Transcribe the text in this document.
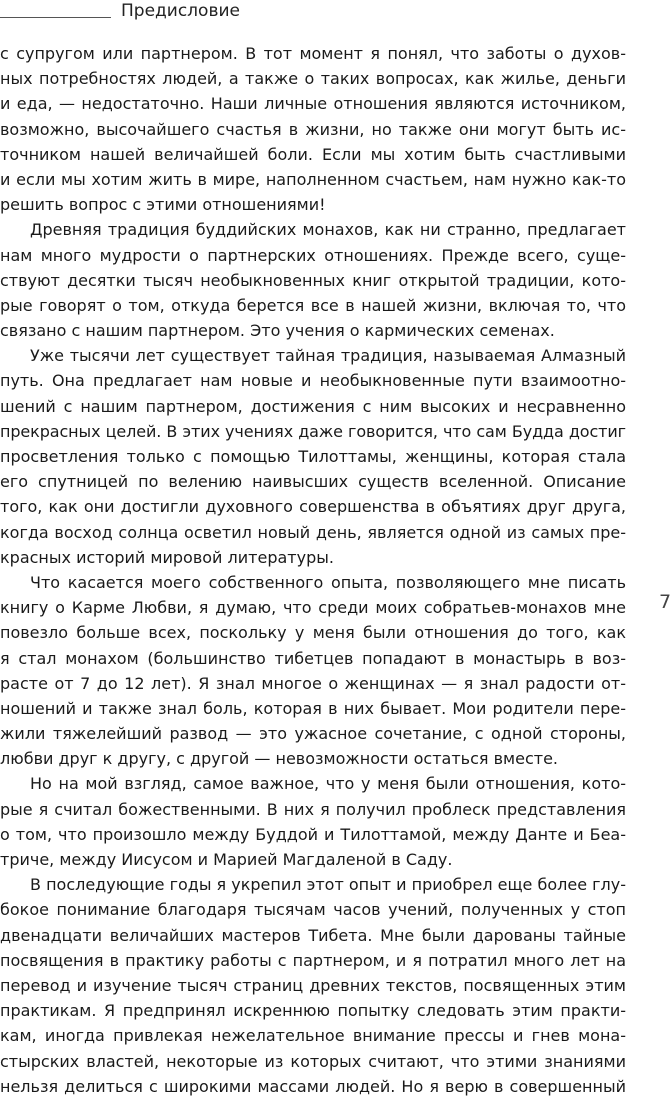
Предисловие
7
с супругом или партнером. В тот момент я понял, что заботы о духов-
ных потребностях людей, а также о таких вопросах, как жилье, деньги
и еда, — недостаточно. Наши личные отношения являются источником,
возможно, высочайшего счастья в жизни, но также они могут быть ис-
точником нашей величайшей боли. Если мы хотим быть счастливыми
и если мы хотим жить в мире, наполненном счастьем, нам нужно как-то
решить вопрос с этими отношениями!
Древняя традиция буддийских монахов, как ни странно, предлагает
нам много мудрости о партнерских отношениях. Прежде всего, суще-
ствуют десятки тысяч необыкновенных книг открытой традиции, кото-
рые говорят о том, откуда берется все в нашей жизни, включая то, что
связано с нашим партнером. Это учения о кармических семенах.
Уже тысячи лет существует тайная традиция, называемая Алмазный
путь. Она предлагает нам новые и необыкновенные пути взаимоотно-
шений с нашим партнером, достижения с ним высоких и несравненно
прекрасных целей. В этих учениях даже говорится, что сам Будда достиг
просветления только с помощью Тилоттамы, женщины, которая стала
его спутницей по велению наивысших существ вселенной. Описание
того, как они достигли духовного совершенства в объятиях друг друга,
когда восход солнца осветил новый день, является одной из самых пре-
красных историй мировой литературы.
Что касается моего собственного опыта, позволяющего мне писать
книгу о Карме Любви, я думаю, что среди моих собратьев-монахов мне
повезло больше всех, поскольку у меня были отношения до того, как
я стал монахом (большинство тибетцев попадают в монастырь в воз-
расте от 7 до 12 лет). Я знал многое о женщинах — я знал радости от-
ношений и также знал боль, которая в них бывает. Мои родители пере-
жили тяжелейший развод — это ужасное сочетание, с одной стороны,
любви друг к другу, с другой — невозможности остаться вместе.
Но на мой взгляд, самое важное, что у меня были отношения, кото-
рые я считал божественными. В них я получил проблеск представления
о том, что произошло между Буддой и Тилоттамой, между Данте и Беа-
триче, между Иисусом и Марией Магдаленой в Саду.
В последующие годы я укрепил этот опыт и приобрел еще более глу-
бокое понимание благодаря тысячам часов учений, полученных у стоп
двенадцати величайших мастеров Тибета. Мне были дарованы тайные
посвящения в практику работы с партнером, и я потратил много лет на
перевод и изучение тысяч страниц древних текстов, посвященных этим
практикам. Я предпринял искреннюю попытку следовать этим практи-
кам, иногда привлекая нежелательное внимание прессы и гнев мона-
стырских властей, некоторые из которых считают, что этими знаниями
нельзя делиться с широкими массами людей. Но я верю в совершенный
